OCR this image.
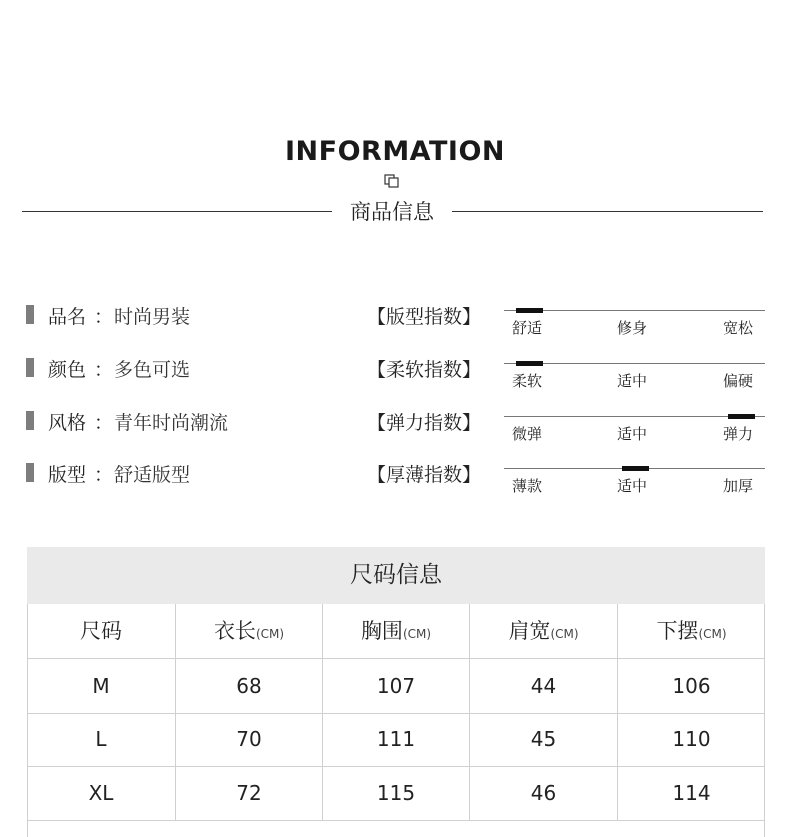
INFORMATION
商品信息
品名 ： 时尚男装
颜色 ： 多色可选
风格 ： 青年时尚潮流
版型 ： 舒适版型
【版型指数】
【柔软指数】
【弹力指数】
【厚薄指数】
舒适	修身	宽松
柔软	适中	偏硬
微弹	适中	弹力
薄款	适中	加厚
尺码信息
尺码	衣长(CM)	胸围(CM)	肩宽(CM)	下摆(CM)
M	68	107	44	106
L	70	111	45	110
XL	72	115	46	114
